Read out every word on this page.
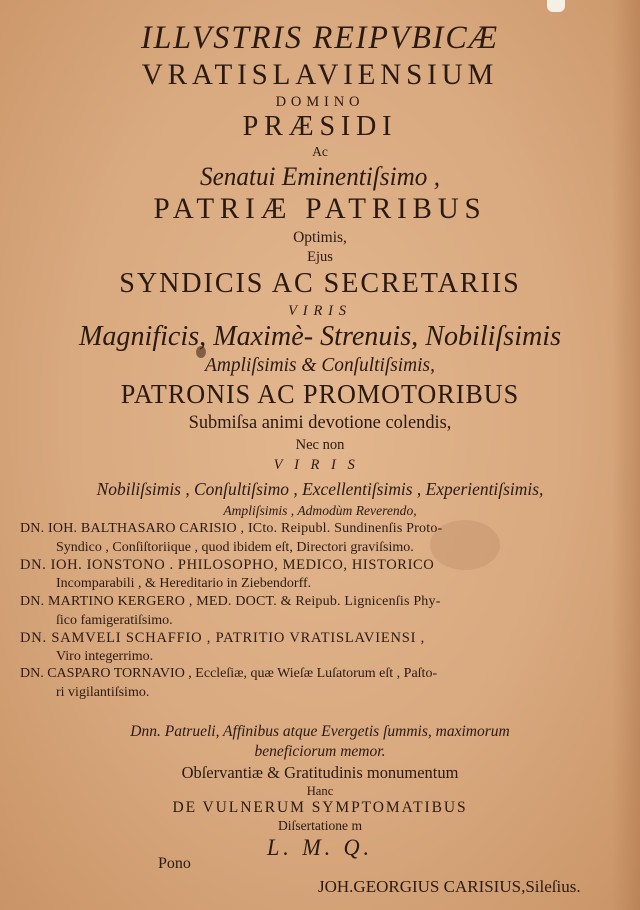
ILLVSTRIS REIPVBICÆ
VRATISLAVIENSIUM
DOMINO
PRÆSIDI
Ac
Senatui Eminentiſsimo ,
PATRIÆ PATRIBUS
Optimis,
Ejus
SYNDICIS AC SECRETARIIS
VIRIS
Magnificis, Maximè- Strenuis, Nobiliſsimis
Ampliſsimis & Conſultiſsimis,
PATRONIS AC PROMOTORIBUS
Submiſsa animi devotione colendis,
Nec non
VIRIS
Nobiliſsimis , Conſultiſsimo , Excellentiſsimis , Experientiſsimis,
Ampliſsimis , Admodùm Reverendo,
DN. IOH. BALTHASARO CARISIO , ICto. Reipubl. Sundinenſis Proto-
Syndico , Conſiſtoriique , quod ibidem eſt, Directori graviſsimo.
DN. IOH. IONSTONO . PHILOSOPHO, MEDICO, HISTORICO
Incomparabili , & Hereditario in Ziebendorff.
DN. MARTINO KERGERO , MED. DOCT. & Reipub. Lignicenſis Phy-
ſico famigeratiſsimo.
DN. SAMVELI SCHAFFIO , PATRITIO VRATISLAVIENSI ,
Viro integerrimo.
DN. CASPARO TORNAVIO , Eccleſiæ, quæ Wieſæ Luſatorum eſt , Paſto-
ri vigilantiſsimo.
Dnn. Patrueli, Affinibus atque Evergetis ſummis, maximorum
beneficiorum memor.
Obſervantiæ & Gratitudinis monumentum
Hanc
DE VULNERUM SYMPTOMATIBUS
Diſsertatione m
L. M. Q.
Pono
JOH.GEORGIUS CARISIUS,Sileſius.
